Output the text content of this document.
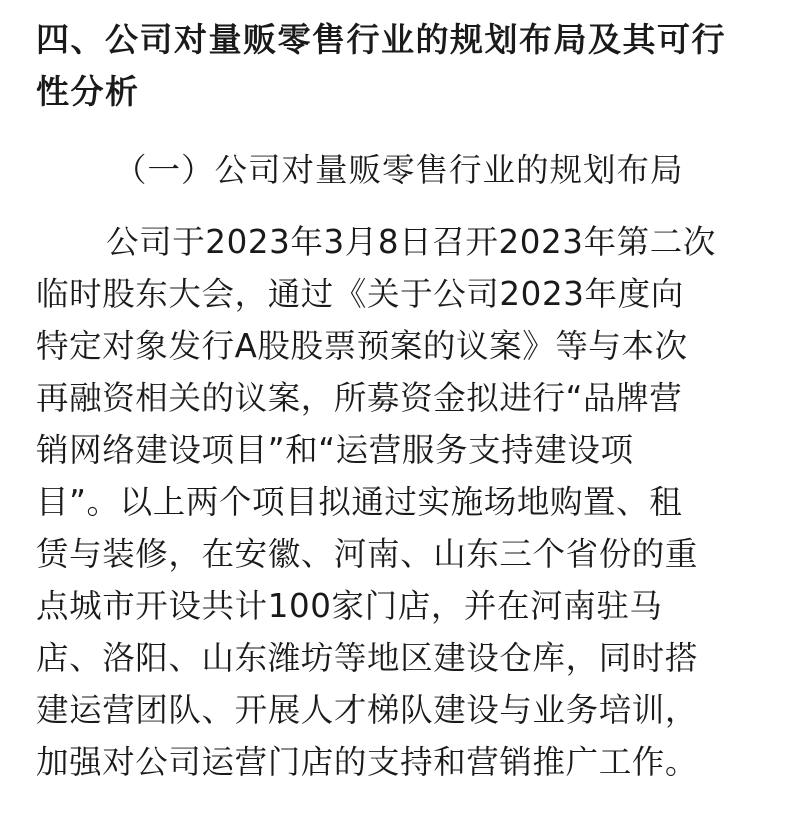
四、公司对量贩零售行业的规划布局及其可行
性分析
（一）公司对量贩零售行业的规划布局

公司于2023年3月8日召开2023年第二次
临时股东大会，通过《关于公司2023年度向
特定对象发行A股股票预案的议案》等与本次
再融资相关的议案，所募资金拟进行“品牌营
销网络建设项目”和“运营服务支持建设项
目”。以上两个项目拟通过实施场地购置、租
赁与装修，在安徽、河南、山东三个省份的重
点城市开设共计100家门店，并在河南驻马
店、洛阳、山东潍坊等地区建设仓库，同时搭
建运营团队、开展人才梯队建设与业务培训，
加强对公司运营门店的支持和营销推广工作。
